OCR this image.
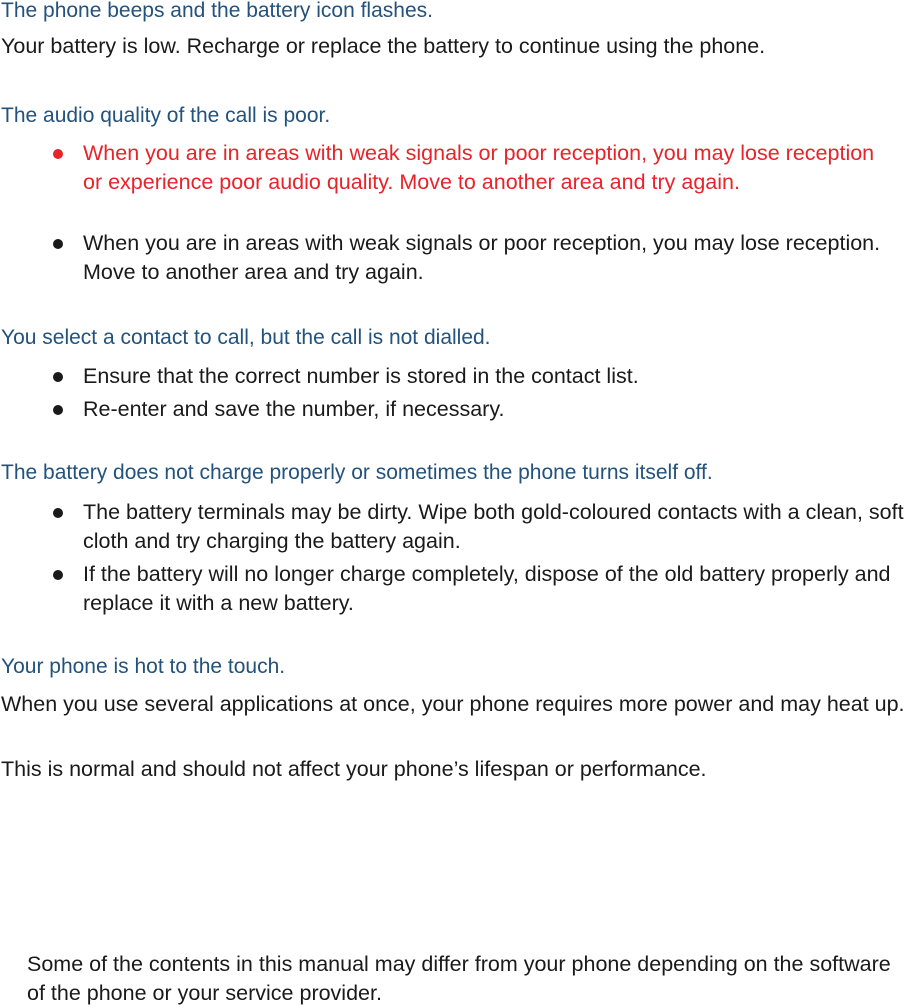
The phone beeps and the battery icon flashes.

Your battery is low. Recharge or replace the battery to continue using the phone.

The audio quality of the call is poor.

When you are in areas with weak signals or poor reception, you may lose reception or experience poor audio quality. Move to another area and try again.

When you are in areas with weak signals or poor reception, you may lose reception. Move to another area and try again.

You select a contact to call, but the call is not dialled.

Ensure that the correct number is stored in the contact list.

Re-enter and save the number, if necessary.

The battery does not charge properly or sometimes the phone turns itself off.

The battery terminals may be dirty. Wipe both gold-coloured contacts with a clean, soft cloth and try charging the battery again.

If the battery will no longer charge completely, dispose of the old battery properly and replace it with a new battery.

Your phone is hot to the touch.

When you use several applications at once, your phone requires more power and may heat up.

This is normal and should not affect your phone’s lifespan or performance.

Some of the contents in this manual may differ from your phone depending on the software of the phone or your service provider.
